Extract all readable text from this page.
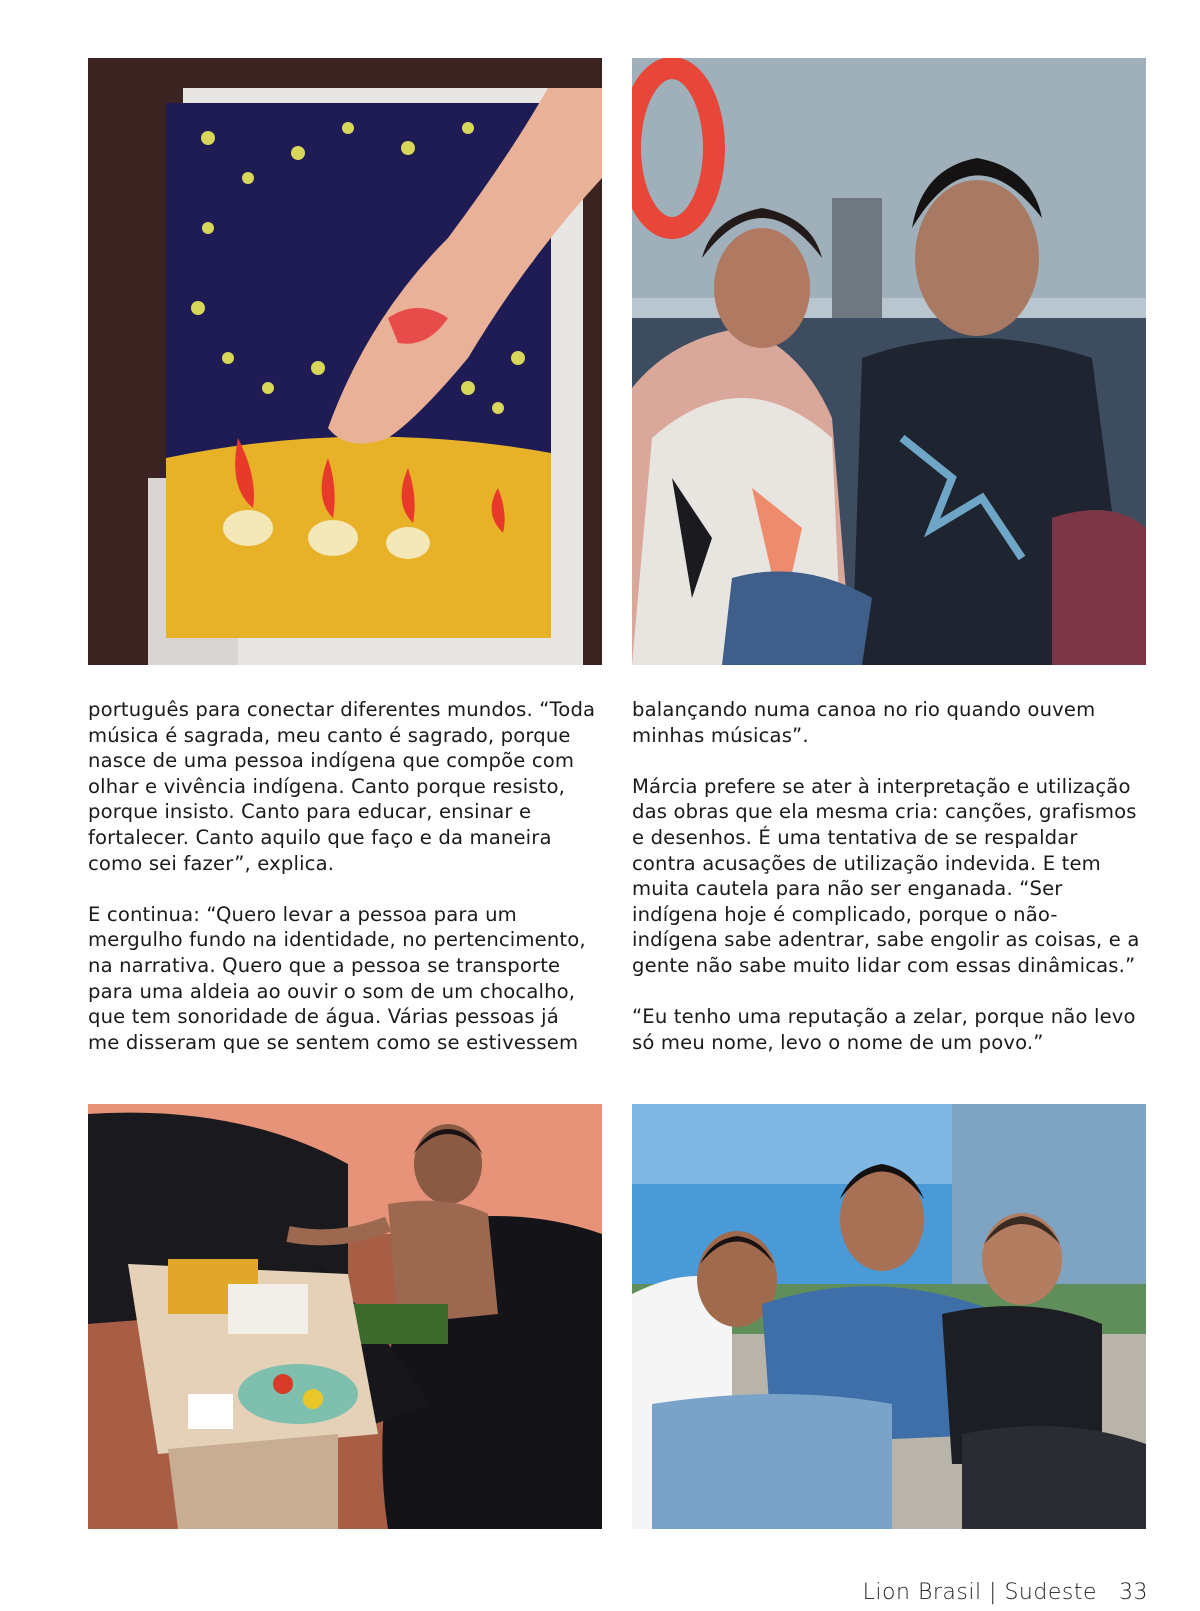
português para conectar diferentes mundos. “Toda
música é sagrada, meu canto é sagrado, porque
nasce de uma pessoa indígena que compõe com
olhar e vivência indígena. Canto porque resisto,
porque insisto. Canto para educar, ensinar e
fortalecer. Canto aquilo que faço e da maneira
como sei fazer”, explica.

E continua: “Quero levar a pessoa para um
mergulho fundo na identidade, no pertencimento,
na narrativa. Quero que a pessoa se transporte
para uma aldeia ao ouvir o som de um chocalho,
que tem sonoridade de água. Várias pessoas já
me disseram que se sentem como se estivessem

balançando numa canoa no rio quando ouvem
minhas músicas”.

Márcia prefere se ater à interpretação e utilização
das obras que ela mesma cria: canções, grafismos
e desenhos. É uma tentativa de se respaldar
contra acusações de utilização indevida. E tem
muita cautela para não ser enganada. “Ser
indígena hoje é complicado, porque o não-
indígena sabe adentrar, sabe engolir as coisas, e a
gente não sabe muito lidar com essas dinâmicas.”

“Eu tenho uma reputação a zelar, porque não levo
só meu nome, levo o nome de um povo.”

Lion Brasil | Sudeste 33
